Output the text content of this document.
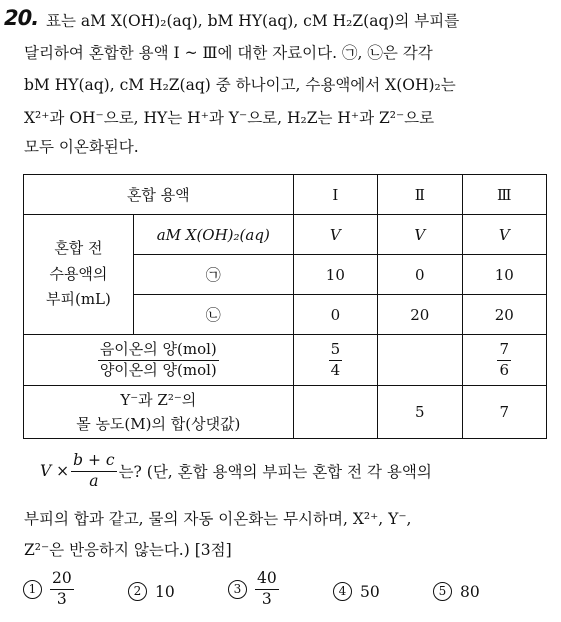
20. 표는 aM X(OH)₂(aq), bM HY(aq), cM H₂Z(aq)의 부피를
달리하여 혼합한 용액 Ⅰ ~ Ⅲ에 대한 자료이다. ㉠, ㉡은 각각
bM HY(aq), cM H₂Z(aq) 중 하나이고, 수용액에서 X(OH)₂는
X²⁺과 OH⁻으로, HY는 H⁺과 Y⁻으로, H₂Z는 H⁺과 Z²⁻으로
모두 이온화된다.
혼합 용액		Ⅰ	Ⅱ	Ⅲ
혼합 전
수용액의
부피(mL)	aM X(OH)₂(aq)	V	V	V
	㉠	10	0	10
	㉡	0	20	20

$\frac{\text{음이온의 양(mol)}}{\text{양이온의 양(mol)}}$		$\frac{5}{4}$		$\frac{7}{6}$

Y⁻과 Z²⁻의
몰 농도(M)의 합(상댓값)			5	7
$V \times \frac{b + c}{a}$ 는? (단, 혼합 용액의 부피는 혼합 전 각 용액의
부피의 합과 같고, 물의 자동 이온화는 무시하며, X²⁺, Y⁻,
Z²⁻은 반응하지 않는다.) [3점]
$1 \frac{20}{3}$	2 10	$3 \frac{40}{3}$	4 50	5 80
